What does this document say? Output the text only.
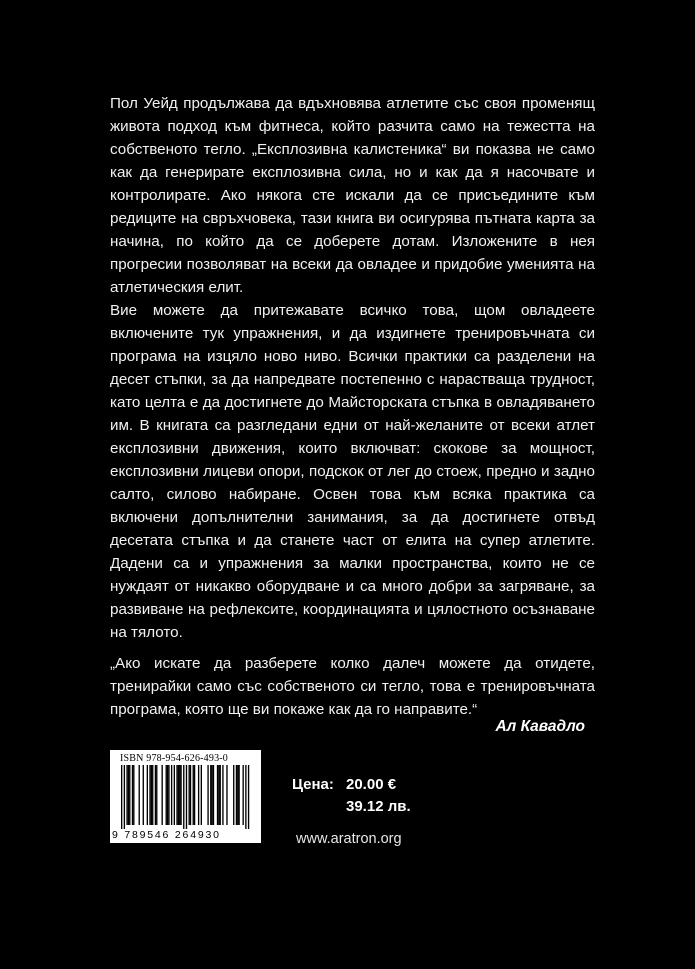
Пол Уейд продължава да вдъхновява атлетите със своя променящ живота подход към фитнеса, който разчита само на тежестта на собственото тегло. „Експлозивна калистеника“ ви показва не само как да генерирате експлозивна сила, но и как да я насочвате и контролирате. Ако някога сте искали да се присъедините към редиците на свръхчовека, тази книга ви осигурява пътната карта за начина, по който да се доберете дотам. Изложените в нея прогресии позволяват на всеки да овладее и придобие уменията на атлетическия елит.

Вие можете да притежавате всичко това, щом овладеете включените тук упражнения, и да издигнете тренировъчната си програма на изцяло ново ниво. Всички практики са разделени на десет стъпки, за да напредвате постепенно с нарастваща трудност, като целта е да достигнете до Майсторската стъпка в овладяването им. В книгата са разгледани едни от най-желаните от всеки атлет експлозивни движения, които включват: скокове за мощност, експлозивни лицеви опори, подскок от лег до стоеж, предно и задно салто, силово набиране. Освен това към всяка практика са включени допълнителни занимания, за да достигнете отвъд десетата стъпка и да станете част от елита на супер атлетите. Дадени са и упражнения за малки пространства, които не се нуждаят от никакво оборудване и са много добри за загряване, за развиване на рефлексите, координацията и цялостното осъзнаване на тялото.

„Ако искате да разберете колко далеч можете да отидете, тренирайки само със собственото си тегло, това е тренировъчната програма, която ще ви покаже как да го направите.“

Ал Кавадло
ISBN 978-954-626-493-0
9 789546 264930
Цена: 20.00 €
39.12 лв.
www.aratron.org
